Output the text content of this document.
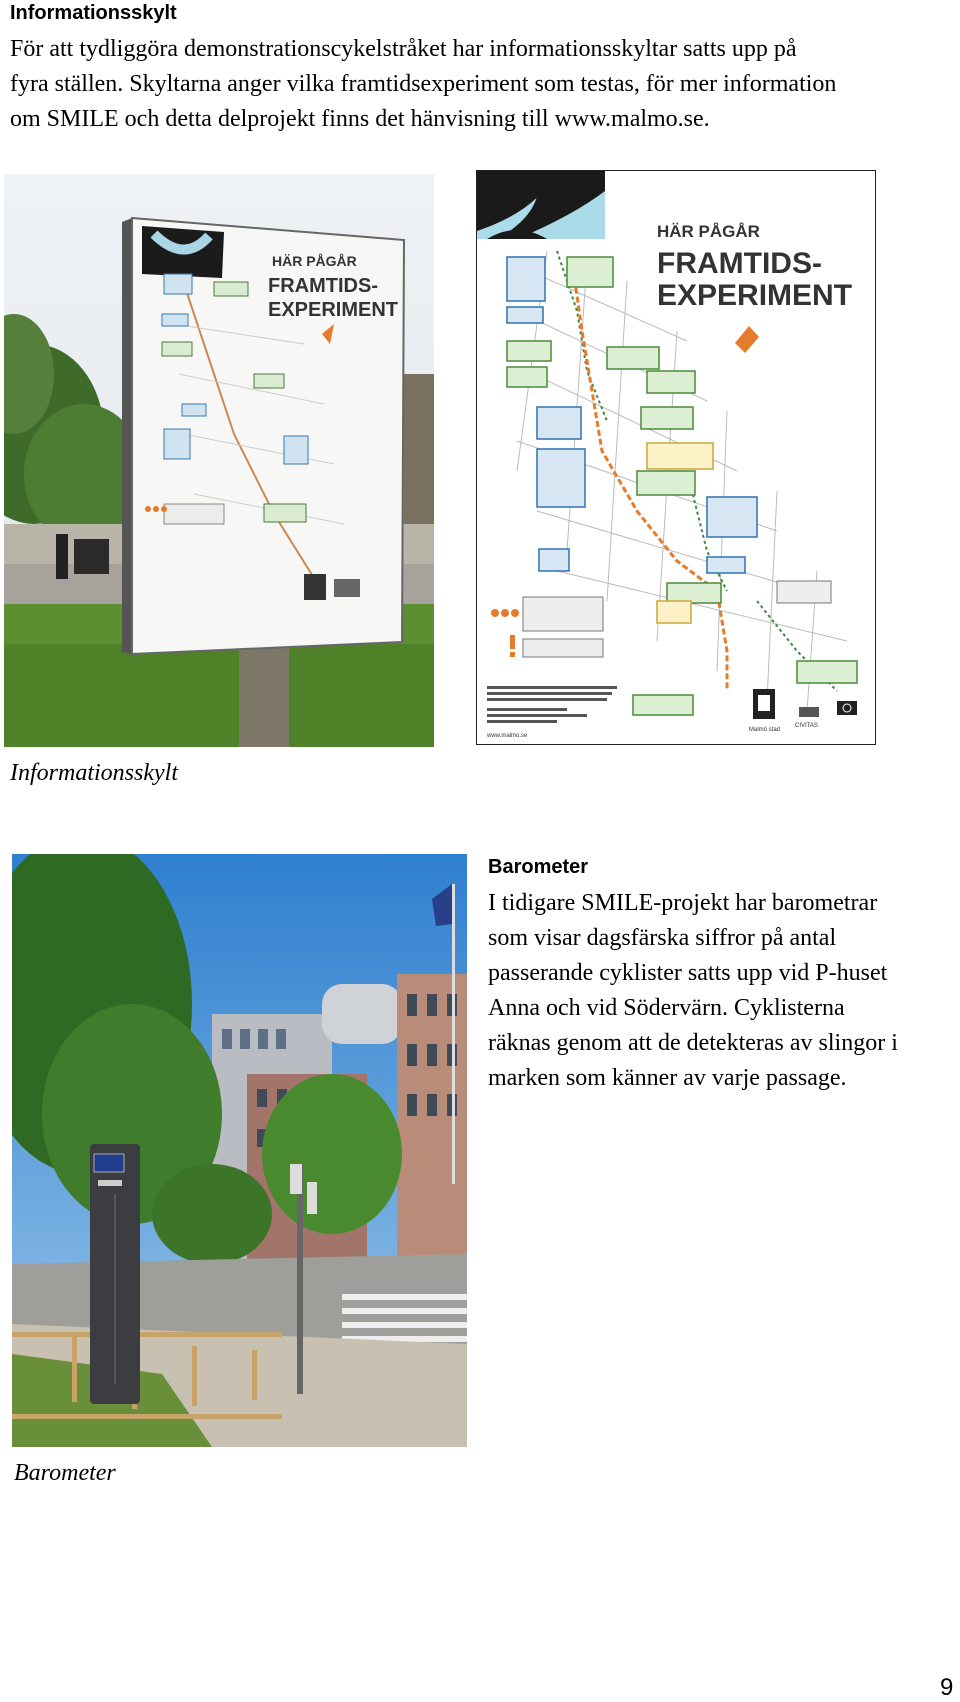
Informationsskylt
För att tydliggöra demonstrationscykelstråket har informationsskyltar satts upp på
fyra ställen. Skyltarna anger vilka framtidsexperiment som testas, för mer information
om SMILE och detta delprojekt finns det hänvisning till www.malmo.se.
HÄR PÅGÅR
FRAMTIDS-
EXPERIMENT
HÄR PÅGÅR
FRAMTIDS-
EXPERIMENT
www.malmo.se
Malmö stad
CIVITAS
Informationsskylt
Barometer
I tidigare SMILE-projekt har barometrar
som visar dagsfärska siffror på antal
passerande cyklister satts upp vid P-huset
Anna och vid Södervärn. Cyklisterna
räknas genom att de detekteras av slingor i
marken som känner av varje passage.
Barometer
9
